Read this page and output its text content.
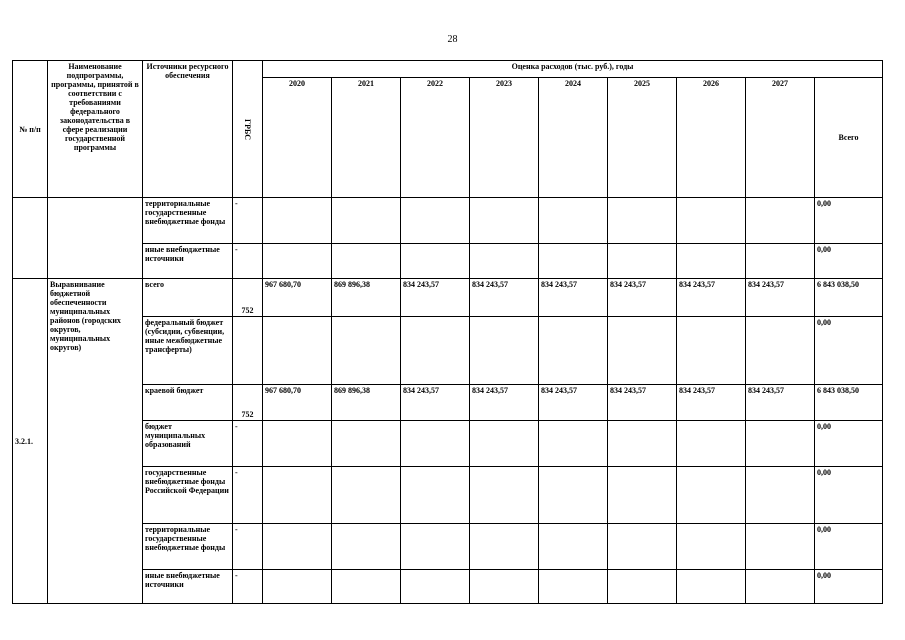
28
№ п/п	Наименование подпрограммы, программы, принятой в соответствии с требованиями федерального законодательства в сфере реализации государственной программы	Источники ресурсного обеспечения	ГРБС	Оценка расходов (тыс. руб.), годы								
				2020	2021	2022	2023	2024	2025	2026	2027	Всего
		территориальные государственные внебюджетные фонды	-									0,00
		иные внебюджетные источники	-									0,00
3.2.1.	Выравнивание бюджетной обеспеченности муниципальных районов (городских округов, муниципальных округов)	всего	752	967 680,70	869 896,38	834 243,57	834 243,57	834 243,57	834 243,57	834 243,57	834 243,57	6 843 038,50
		федеральный бюджет (субсидии, субвенции, иные межбюджетные трансферты)										0,00
		краевой бюджет	752	967 680,70	869 896,38	834 243,57	834 243,57	834 243,57	834 243,57	834 243,57	834 243,57	6 843 038,50
		бюджет муниципальных образований	-									0,00
		государственные внебюджетные фонды Российской Федерации	-									0,00
		территориальные государственные внебюджетные фонды	-									0,00
		иные внебюджетные источники	-									0,00
